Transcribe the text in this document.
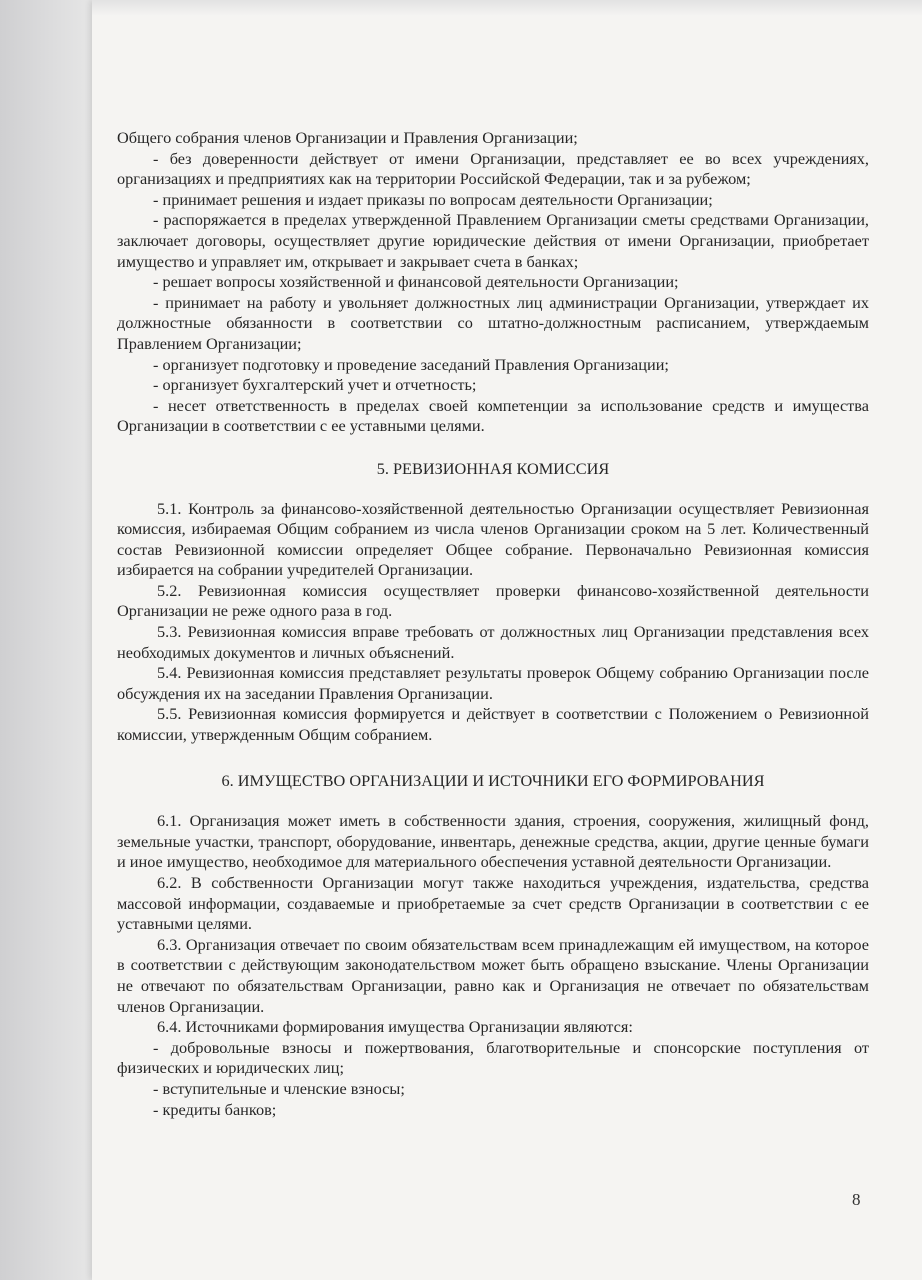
Общего собрания членов Организации и Правления Организации;

- без доверенности действует от имени Организации, представляет ее во всех учреждениях, организациях и предприятиях как на территории Российской Федерации, так и за рубежом;

- принимает решения и издает приказы по вопросам деятельности Организации;

- распоряжается в пределах утвержденной Правлением Организации сметы средствами Организации, заключает договоры, осуществляет другие юридические действия от имени Организации, приобретает имущество и управляет им, открывает и закрывает счета в банках;

- решает вопросы хозяйственной и финансовой деятельности Организации;

- принимает на работу и увольняет должностных лиц администрации Организации, утверждает их должностные обязанности в соответствии со штатно-должностным расписанием, утверждаемым Правлением Организации;

- организует подготовку и проведение заседаний Правления Организации;

- организует бухгалтерский учет и отчетность;

- несет ответственность в пределах своей компетенции за использование средств и имущества Организации в соответствии с ее уставными целями.

5. РЕВИЗИОННАЯ КОМИССИЯ

5.1. Контроль за финансово-хозяйственной деятельностью Организации осуществляет Ревизионная комиссия, избираемая Общим собранием из числа членов Организации сроком на 5 лет. Количественный состав Ревизионной комиссии определяет Общее собрание. Первоначально Ревизионная комиссия избирается на собрании учредителей Организации.

5.2. Ревизионная комиссия осуществляет проверки финансово-хозяйственной деятельности Организации не реже одного раза в год.

5.3. Ревизионная комиссия вправе требовать от должностных лиц Организации представления всех необходимых документов и личных объяснений.

5.4. Ревизионная комиссия представляет результаты проверок Общему собранию Организации после обсуждения их на заседании Правления Организации.

5.5. Ревизионная комиссия формируется и действует в соответствии с Положением о Ревизионной комиссии, утвержденным Общим собранием.

6. ИМУЩЕСТВО ОРГАНИЗАЦИИ И ИСТОЧНИКИ ЕГО ФОРМИРОВАНИЯ

6.1. Организация может иметь в собственности здания, строения, сооружения, жилищный фонд, земельные участки, транспорт, оборудование, инвентарь, денежные средства, акции, другие ценные бумаги и иное имущество, необходимое для материального обеспечения уставной деятельности Организации.

6.2. В собственности Организации могут также находиться учреждения, издательства, средства массовой информации, создаваемые и приобретаемые за счет средств Организации в соответствии с ее уставными целями.

6.3. Организация отвечает по своим обязательствам всем принадлежащим ей имуществом, на которое в соответствии с действующим законодательством может быть обращено взыскание. Члены Организации не отвечают по обязательствам Организации, равно как и Организация не отвечает по обязательствам членов Организации.

6.4. Источниками формирования имущества Организации являются:

- добровольные взносы и пожертвования, благотворительные и спонсорские поступления от физических и юридических лиц;

- вступительные и членские взносы;

- кредиты банков;

8
